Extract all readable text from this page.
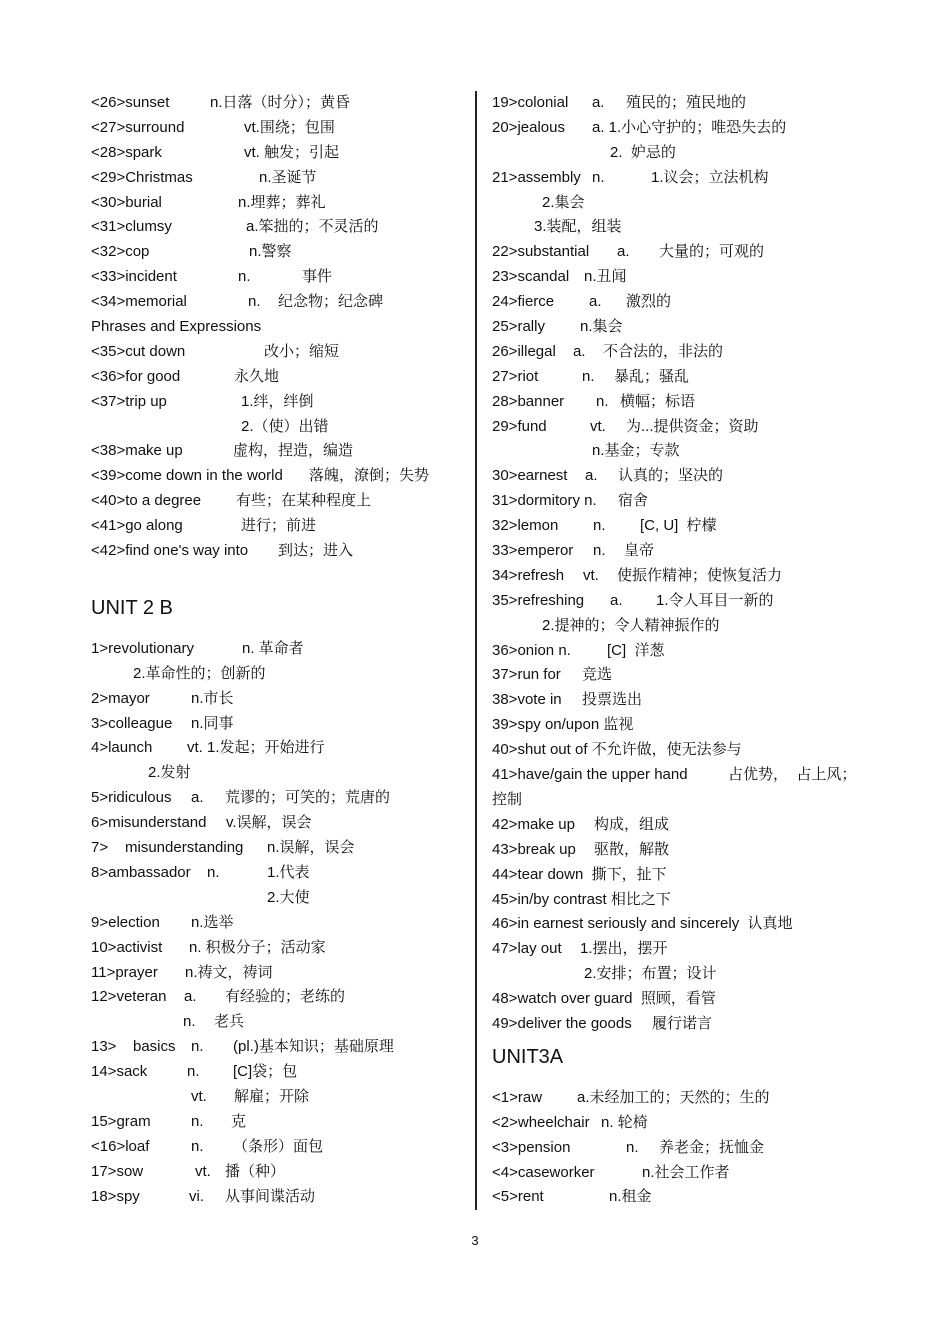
<26>sunset	n.日落（时分）；黄昏
<27>surround	vt.围绕；包围
<28>spark	vt. 触发；引起
<29>Christmas	n.圣诞节
<30>burial	n.埋葬；葬礼
<31>clumsy	a.笨拙的；不灵活的
<32>cop	n.警察
<33>incident	n.	事件
<34>memorial	n. 纪念物；纪念碑
Phrases and Expressions
<35>cut down	改小；缩短
<36>for good	永久地
<37>trip up	1.绊，绊倒
2.（使）出错
<38>make up	虚构，捏造，编造
<39>come down in the world 落魄，潦倒；失势
<40>to a degree 有些；在某种程度上
<41>go along	进行；前进
<42>find one's way into 到达；进入
UNIT 2 B
1>revolutionary	n. 革命者
2.革命性的；创新的
2>mayor	n.市长
3>colleague n.同事
4>launch vt. 1.发起；开始进行
2.发射
5>ridiculous a. 荒谬的；可笑的；荒唐的
6>misunderstand v.误解，误会
7> misunderstanding n.误解，误会
8>ambassador n.	1.代表
2.大使
9>election n.选举
10>activist n. 积极分子；活动家
11>prayer n.祷文，祷词
12>veteran a. 有经验的；老练的
n. 老兵
13> basics n. (pl.)基本知识；基础原理
14>sack	n. [C]袋；包
vt. 解雇；开除
15>gram	n. 克
<16>loaf	n. （条形）面包
17>sow	vt. 播（种）
18>spy	vi. 从事间谍活动
19>colonial a. 殖民的；殖民地的
20>jealous a. 1.小心守护的；唯恐失去的
2.  妒忌的
21>assembly n.	1.议会；立法机构
2.集会
3.装配，组装
22>substantial a. 大量的；可观的
23>scandal n.丑闻
24>fierce a. 激烈的
25>rally n.集会
26>illegal a. 不合法的，非法的
27>riot	n. 暴乱；骚乱
28>banner n. 横幅；标语
29>fund	vt. 为...提供资金；资助
n.基金；专款
30>earnest a. 认真的；坚决的
31>dormitory n. 宿舍
32>lemon n. [C, U]  柠檬
33>emperor n. 皇帝
34>refresh vt. 使振作精神；使恢复活力
35>refreshing a. 1.令人耳目一新的
2.提神的；令人精神振作的
36>onion n. [C]  洋葱
37>run for 竞选
38>vote in 投票选出
39>spy on/upon 监视
40>shut out of 不允许做，使无法参与
41>have/gain the upper hand	占优势，  占上风；
控制
42>make up 构成，组成
43>break up 驱散，解散
44>tear down  撕下，扯下
45>in/by contrast 相比之下
46>in earnest seriously and sincerely  认真地
47>lay out 1.摆出，摆开
2.安排；布置；设计
48>watch over guard  照顾，看管
49>deliver the goods 履行诺言
UNIT3A
<1>raw a.未经加工的；天然的；生的
<2>wheelchair n. 轮椅
<3>pension	n. 养老金；抚恤金
<4>caseworker	n.社会工作者
<5>rent	n.租金
3
